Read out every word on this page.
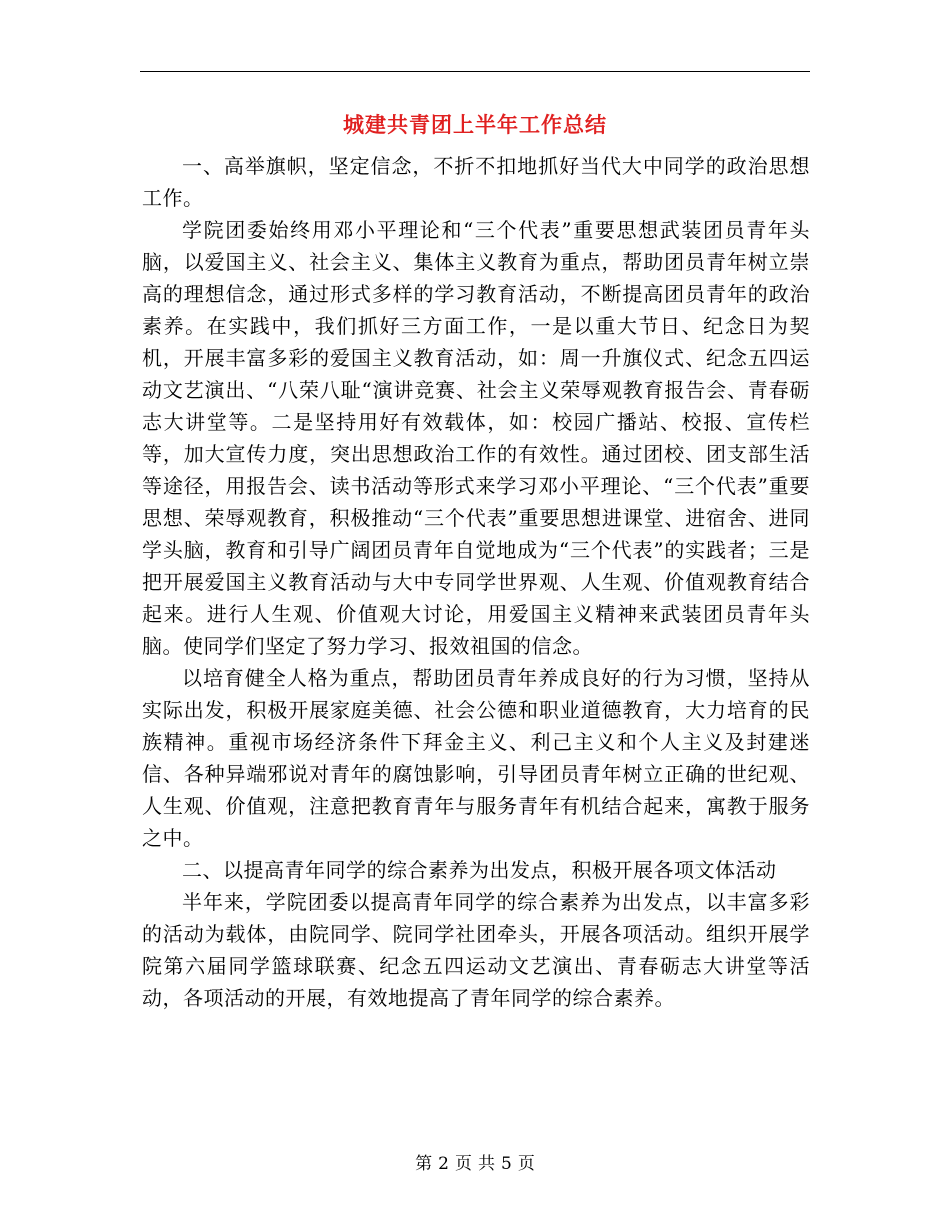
城建共青团上半年工作总结

一、高举旗帜，坚定信念，不折不扣地抓好当代大中同学的政治思想工作。

学院团委始终用邓小平理论和“三个代表”重要思想武装团员青年头脑，以爱国主义、社会主义、集体主义教育为重点，帮助团员青年树立崇高的理想信念，通过形式多样的学习教育活动，不断提高团员青年的政治素养。在实践中，我们抓好三方面工作，一是以重大节日、纪念日为契机，开展丰富多彩的爱国主义教育活动，如：周一升旗仪式、纪念五四运动文艺演出、“八荣八耻“演讲竞赛、社会主义荣辱观教育报告会、青春砺志大讲堂等。二是坚持用好有效载体，如：校园广播站、校报、宣传栏等，加大宣传力度，突出思想政治工作的有效性。通过团校、团支部生活等途径，用报告会、读书活动等形式来学习邓小平理论、“三个代表”重要思想、荣辱观教育，积极推动“三个代表”重要思想进课堂、进宿舍、进同学头脑，教育和引导广阔团员青年自觉地成为“三个代表”的实践者；三是把开展爱国主义教育活动与大中专同学世界观、人生观、价值观教育结合起来。进行人生观、价值观大讨论，用爱国主义精神来武装团员青年头脑。使同学们坚定了努力学习、报效祖国的信念。

以培育健全人格为重点，帮助团员青年养成良好的行为习惯，坚持从实际出发，积极开展家庭美德、社会公德和职业道德教育，大力培育的民族精神。重视市场经济条件下拜金主义、利己主义和个人主义及封建迷信、各种异端邪说对青年的腐蚀影响，引导团员青年树立正确的世纪观、人生观、价值观，注意把教育青年与服务青年有机结合起来，寓教于服务之中。

二、以提高青年同学的综合素养为出发点，积极开展各项文体活动

半年来，学院团委以提高青年同学的综合素养为出发点，以丰富多彩的活动为载体，由院同学、院同学社团牵头，开展各项活动。组织开展学院第六届同学篮球联赛、纪念五四运动文艺演出、青春砺志大讲堂等活动，各项活动的开展，有效地提高了青年同学的综合素养。

第 2 页 共 5 页
